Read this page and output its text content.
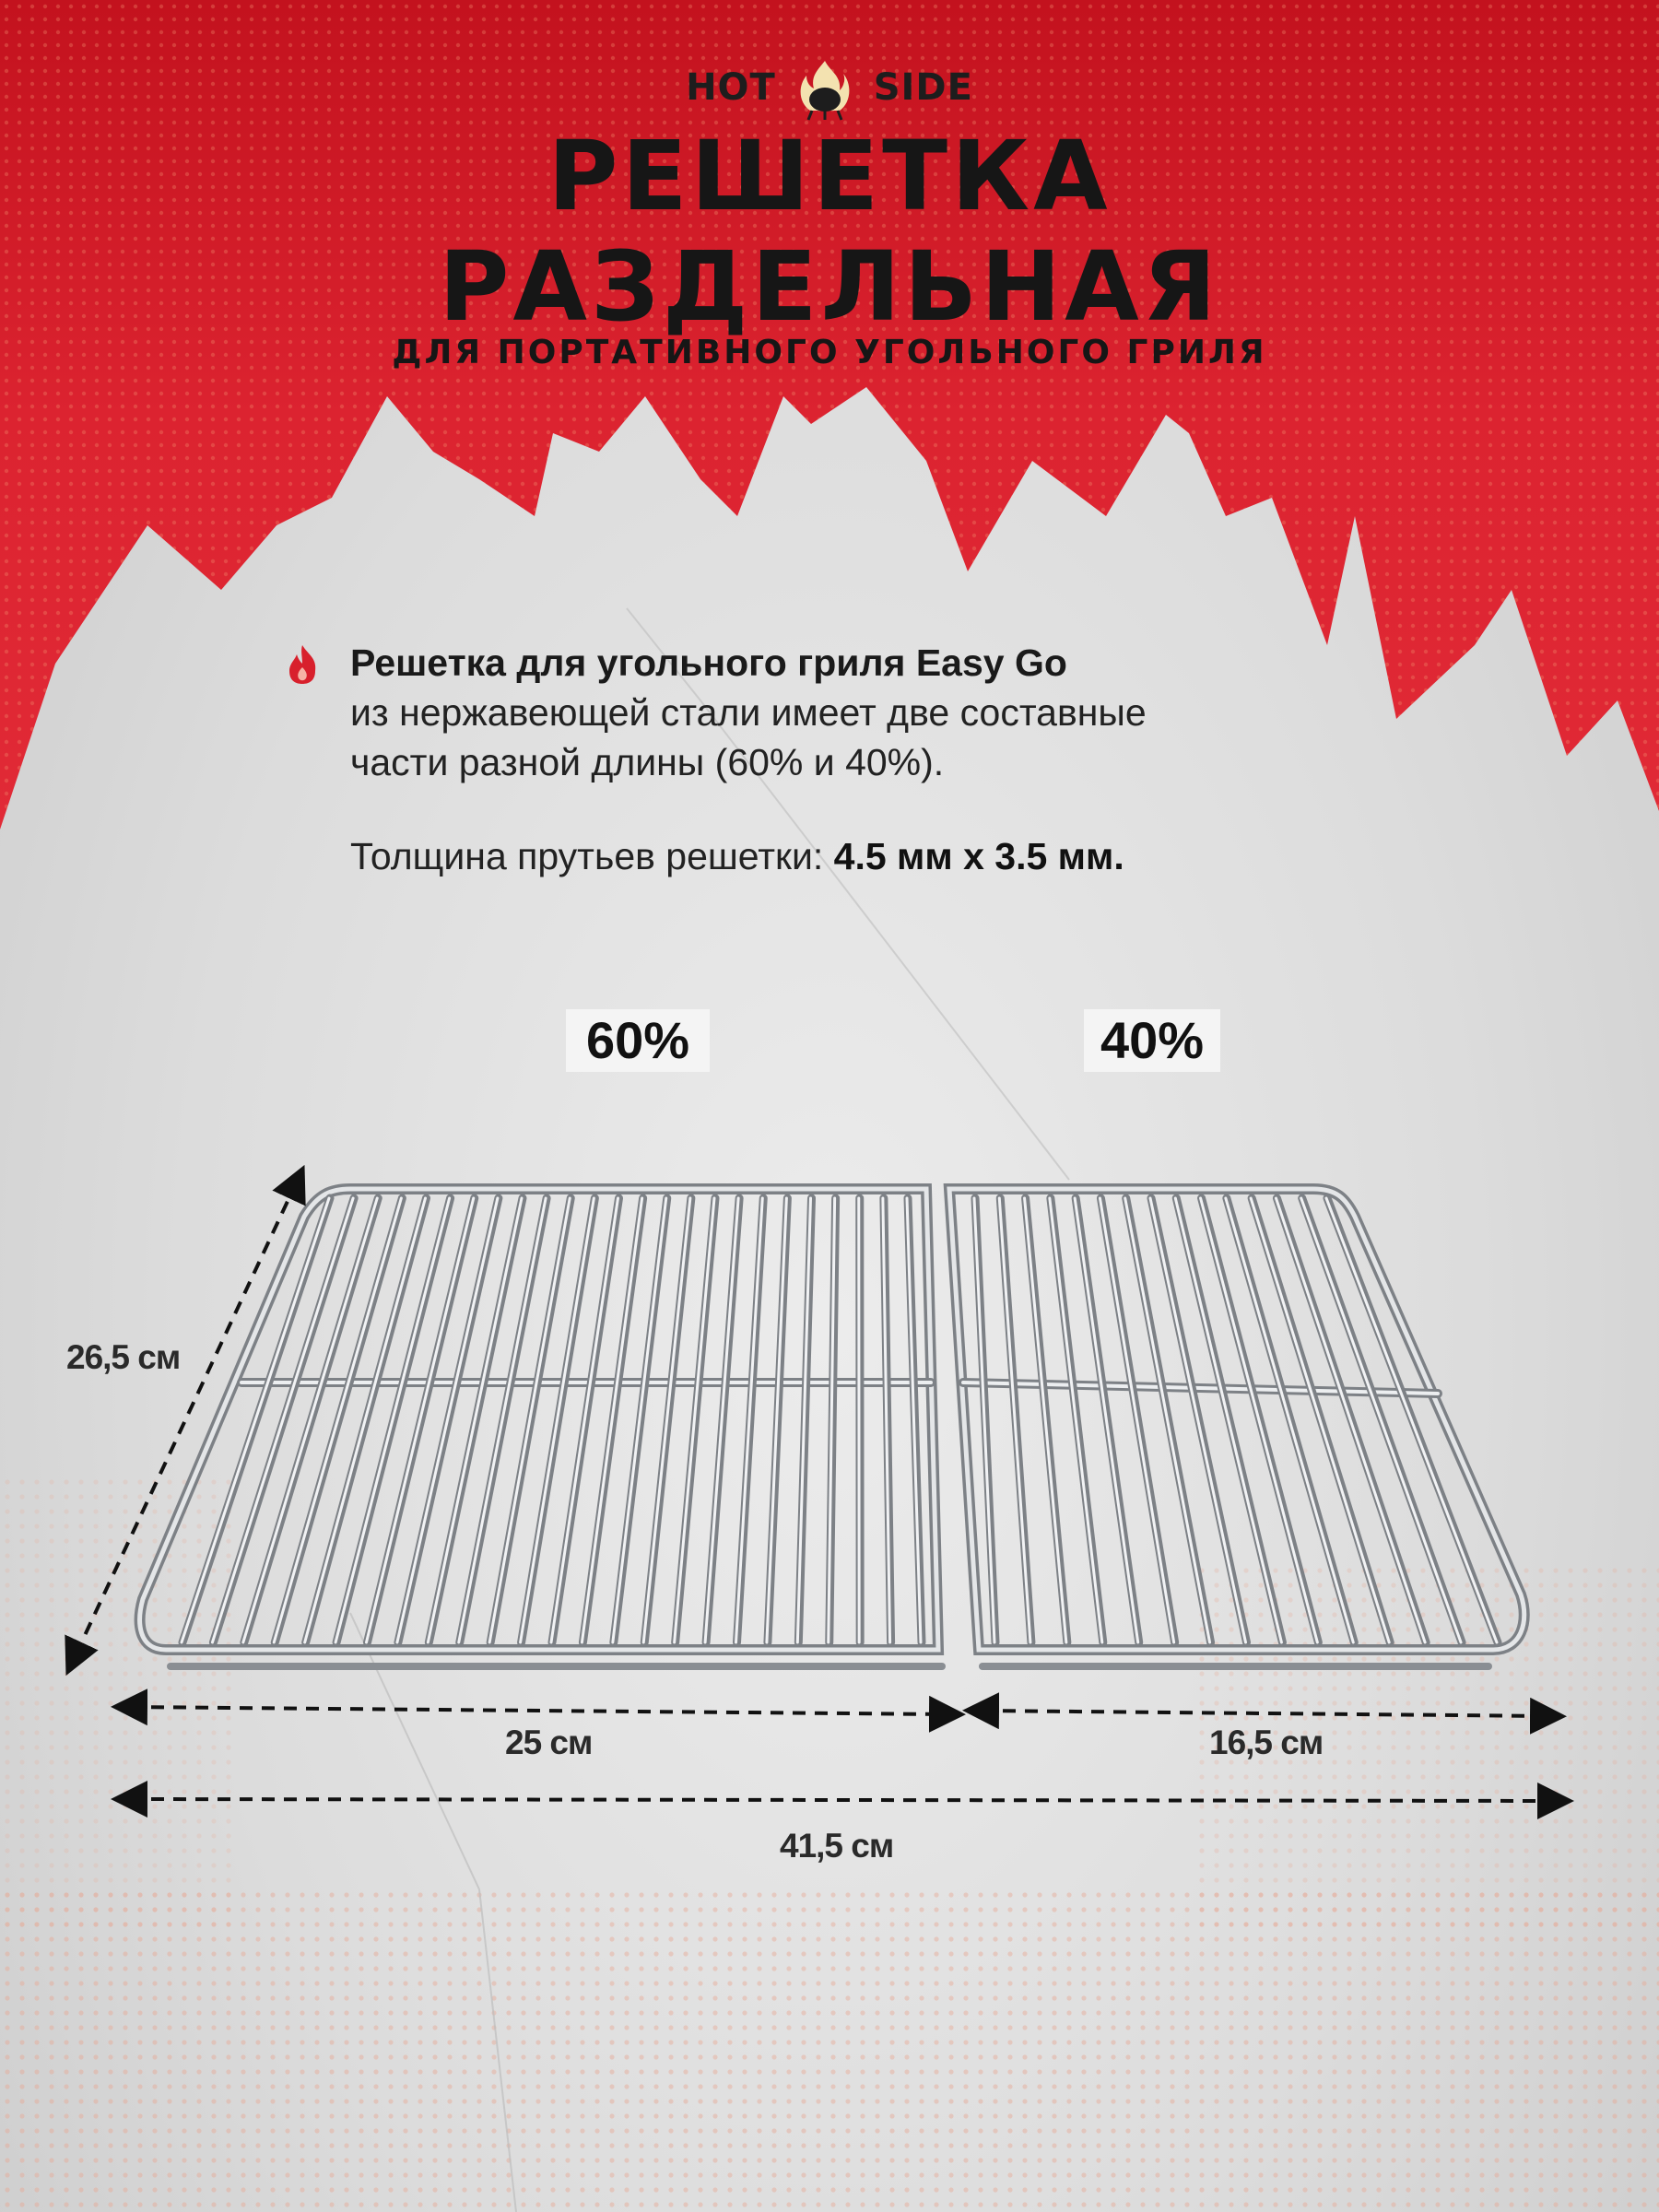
HOT	SIDE
РЕШЕТКА
РАЗДЕЛЬНАЯ
ДЛЯ ПОРТАТИВНОГО УГОЛЬНОГО ГРИЛЯ
Решетка для угольного гриля Easy Go
из нержавеющей стали имеет две составные
части разной длины (60% и 40%).
Толщина прутьев решетки: 4.5 мм х 3.5 мм.
60%	40%
26,5 см
25 см	16,5 см
41,5 см
